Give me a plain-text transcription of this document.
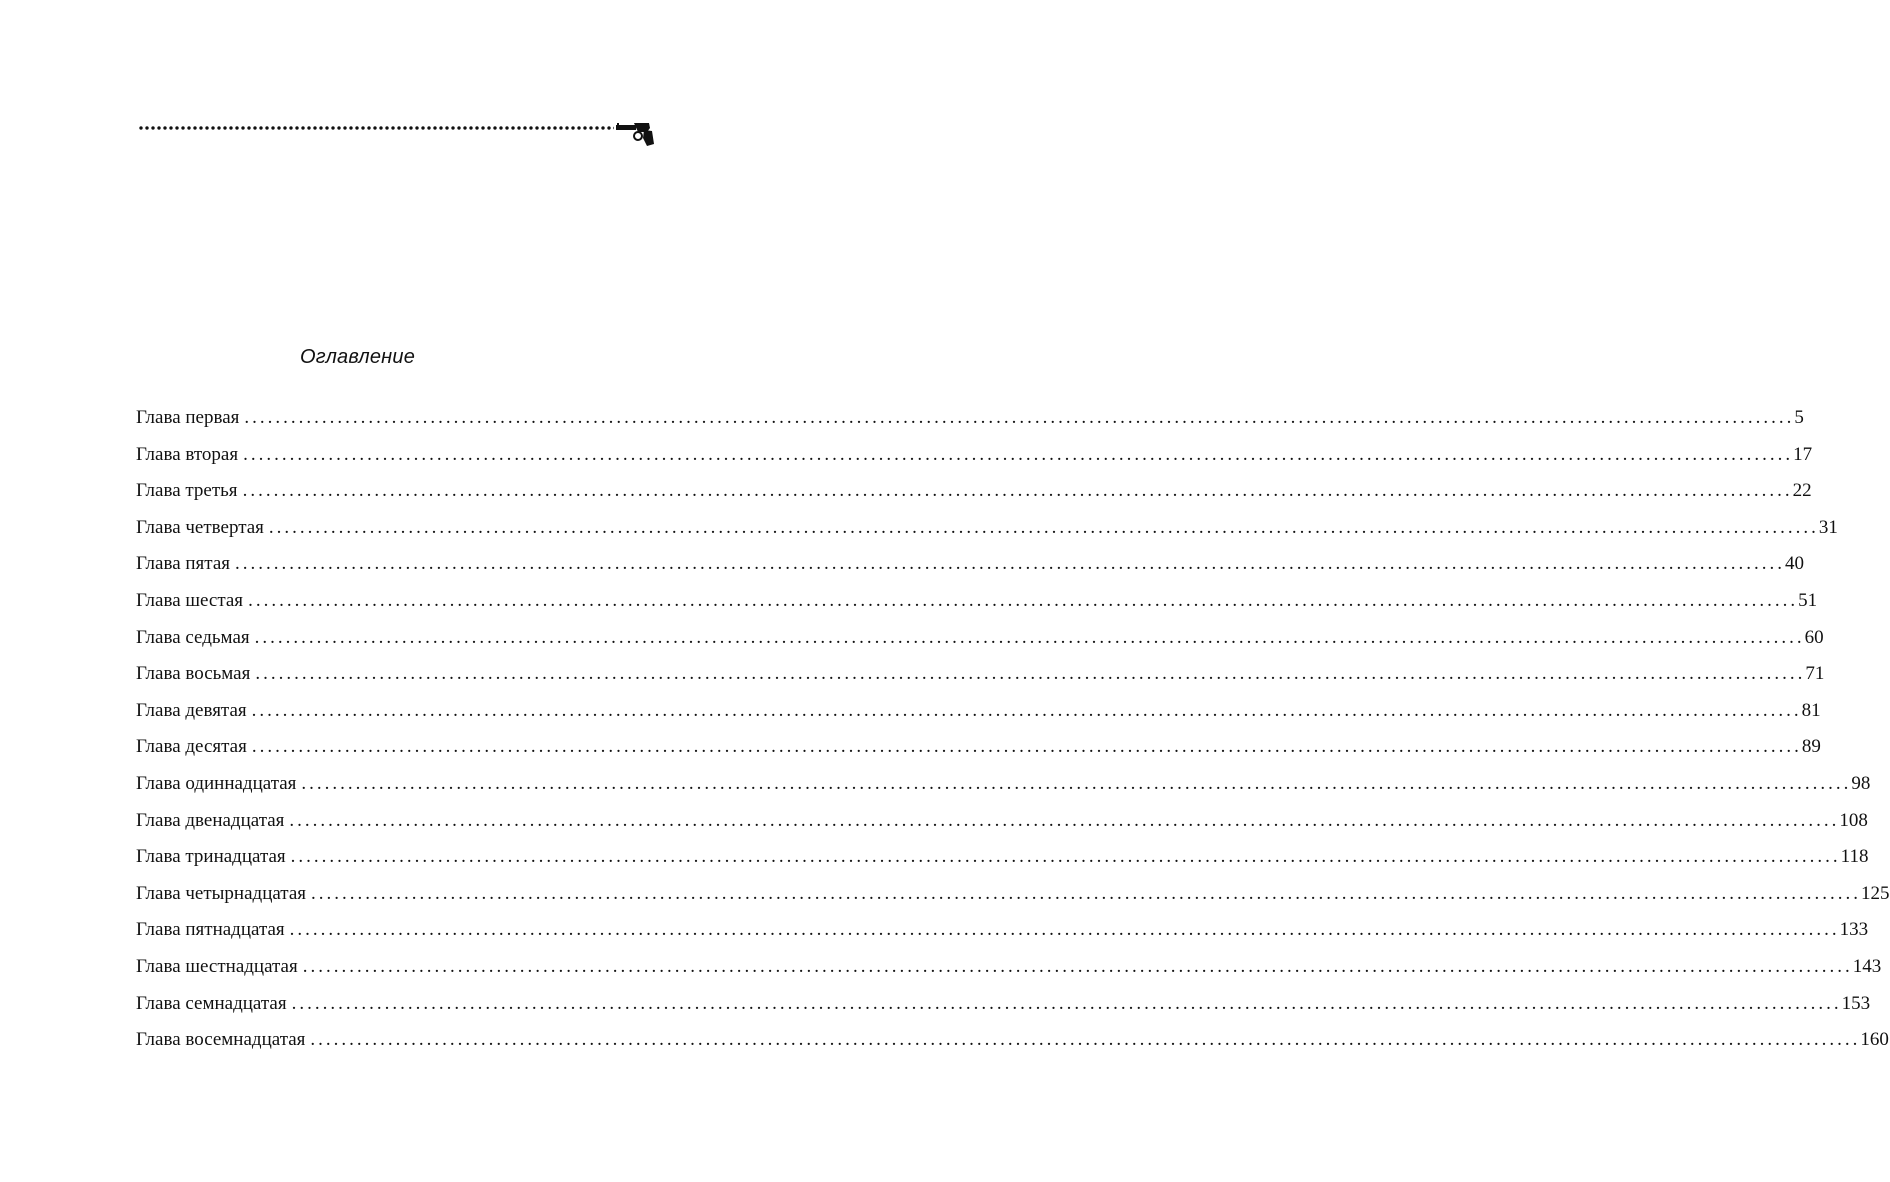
Оглавление
Глава первая ........................................................................................................................................................................................................ 5
Глава вторая ........................................................................................................................................................................................................ 17
Глава третья ........................................................................................................................................................................................................ 22
Глава четвертая ........................................................................................................................................................................................................ 31
Глава пятая ........................................................................................................................................................................................................ 40
Глава шестая ........................................................................................................................................................................................................ 51
Глава седьмая ........................................................................................................................................................................................................ 60
Глава восьмая ........................................................................................................................................................................................................ 71
Глава девятая ........................................................................................................................................................................................................ 81
Глава десятая ........................................................................................................................................................................................................ 89
Глава одиннадцатая ........................................................................................................................................................................................................ 98
Глава двенадцатая ........................................................................................................................................................................................................ 108
Глава тринадцатая ........................................................................................................................................................................................................ 118
Глава четырнадцатая ........................................................................................................................................................................................................ 125
Глава пятнадцатая ........................................................................................................................................................................................................ 133
Глава шестнадцатая ........................................................................................................................................................................................................ 143
Глава семнадцатая ........................................................................................................................................................................................................ 153
Глава восемнадцатая ........................................................................................................................................................................................................ 160
